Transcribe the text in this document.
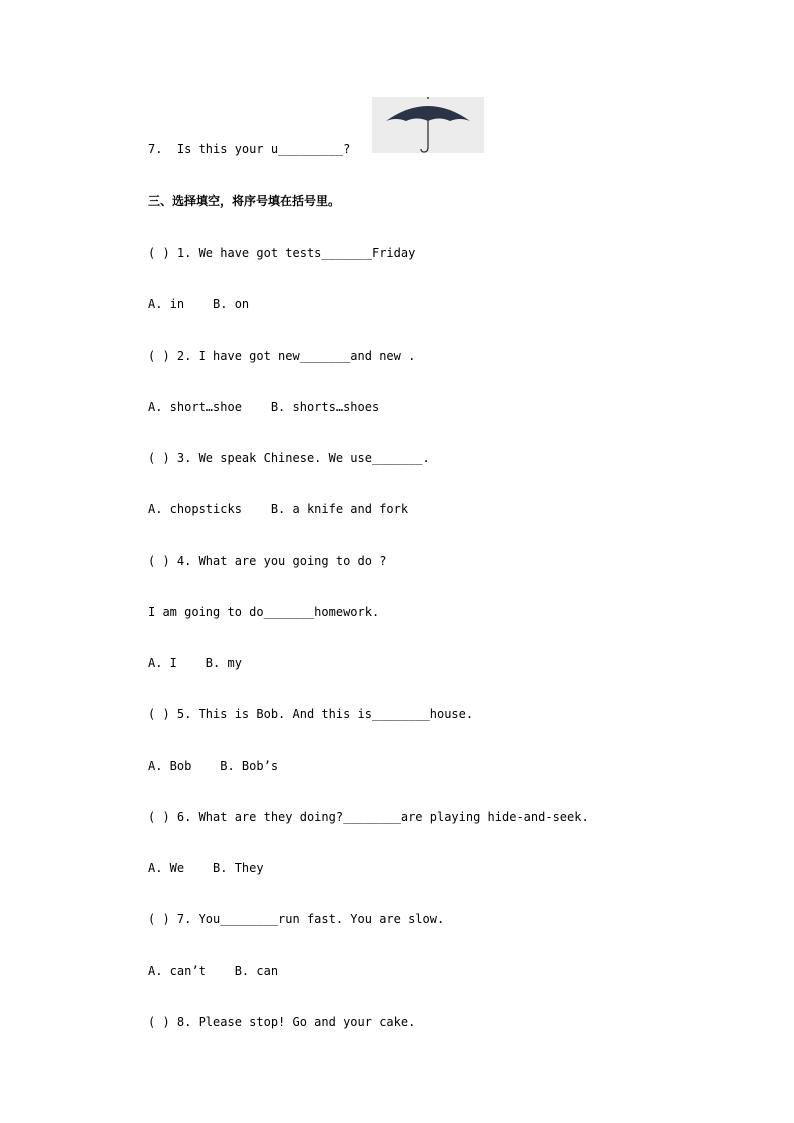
7.  Is this your u_________?
三、选择填空，将序号填在括号里。
( ) 1. We have got tests_______Friday
A. in    B. on
( ) 2. I have got new_______and new .
A. short…shoe    B. shorts…shoes
( ) 3. We speak Chinese. We use_______.
A. chopsticks    B. a knife and fork
( ) 4. What are you going to do ?
I am going to do_______homework.
A. I    B. my
( ) 5. This is Bob. And this is________house.
A. Bob    B. Bob’s
( ) 6. What are they doing?________are playing hide-and-seek.
A. We    B. They
( ) 7. You________run fast. You are slow.
A. can’t    B. can
( ) 8. Please stop! Go and your cake.
